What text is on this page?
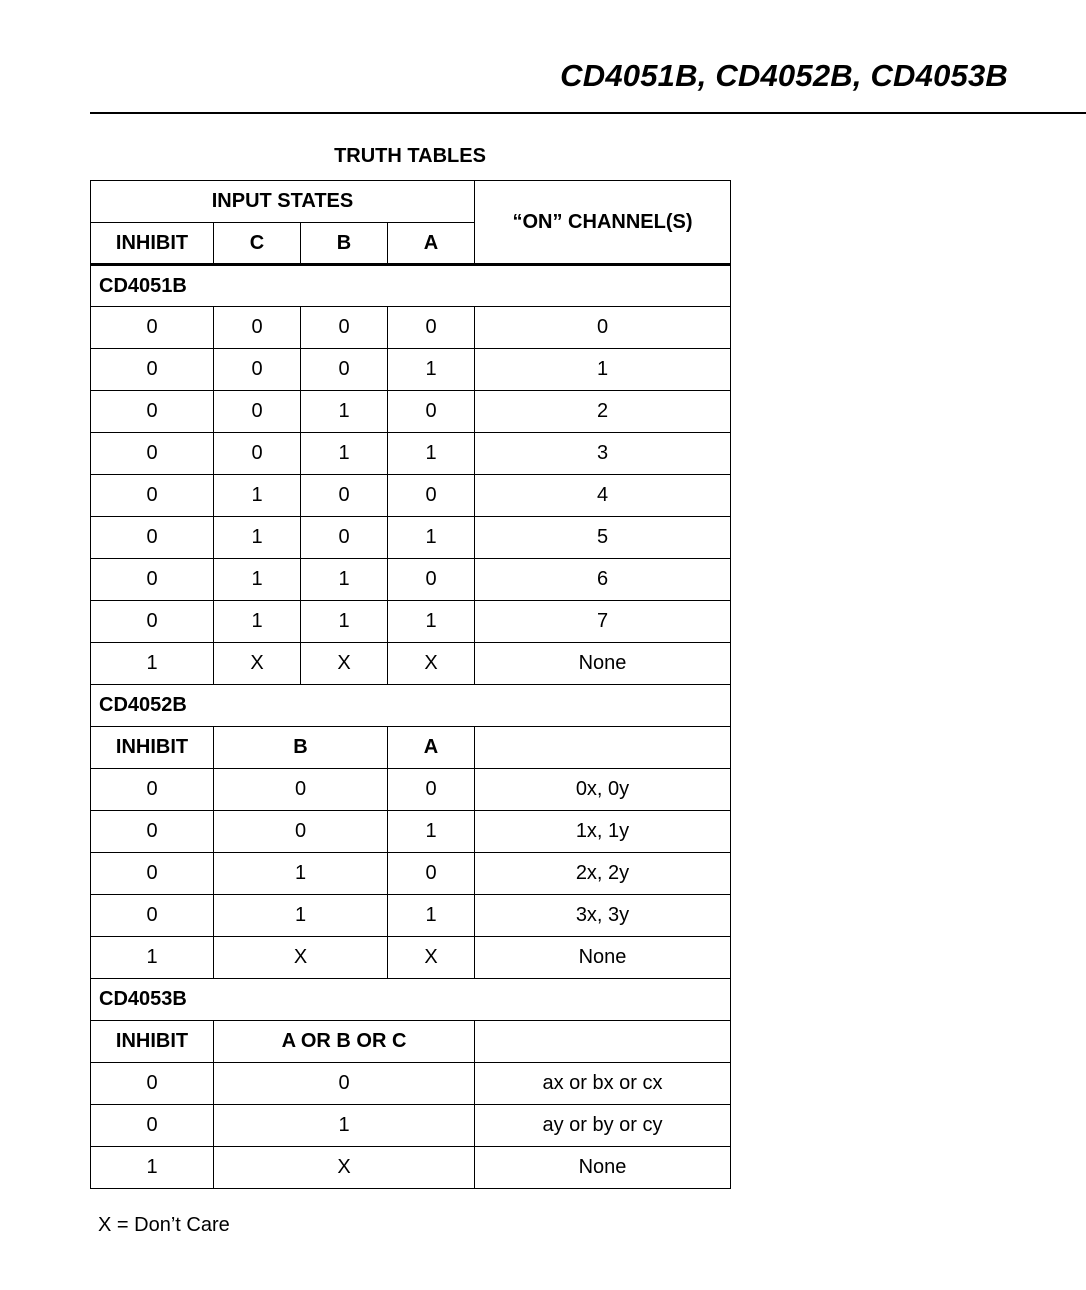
CD4051B, CD4052B, CD4053B
TRUTH TABLES
INPUT STATES				“ON” CHANNEL(S)
INHIBIT	C	B	A	
CD4051B				
0	0	0	0	0
0	0	0	1	1
0	0	1	0	2
0	0	1	1	3
0	1	0	0	4
0	1	0	1	5
0	1	1	0	6
0	1	1	1	7
1	X	X	X	None
CD4052B				
INHIBIT	B		A	
0	0		0	0x, 0y
0	0		1	1x, 1y
0	1		0	2x, 2y
0	1		1	3x, 3y
1	X		X	None
CD4053B				
INHIBIT	A OR B OR C			
0	0			ax or bx or cx
0	1			ay or by or cy
1	X			None
X = Don’t Care
